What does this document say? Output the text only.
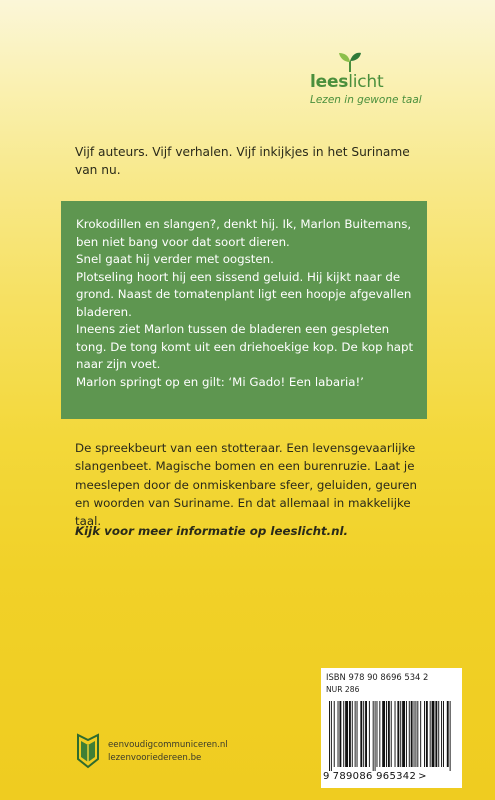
leeslicht
Lezen in gewone taal

Vijf auteurs. Vijf verhalen. Vijf inkijkjes in het Suriname van nu.

Krokodillen en slangen?, denkt hij. Ik, Marlon Buitemans, ben niet bang voor dat soort dieren.

Snel gaat hij verder met oogsten.

Plotseling hoort hij een sissend geluid. Hij kijkt naar de grond. Naast de tomatenplant ligt een hoopje afgevallen bladeren.

Ineens ziet Marlon tussen de bladeren een gespleten tong. De tong komt uit een driehoekige kop. De kop hapt naar zijn voet.

Marlon springt op en gilt: ‘Mi Gado! Een labaria!’

De spreekbeurt van een stotteraar. Een levensgevaarlijke slangenbeet. Magische bomen en een burenruzie. Laat je meeslepen door de onmiskenbare sfeer, geluiden, geuren en woorden van Suriname. En dat allemaal in makkelijke taal.

Kijk voor meer informatie op leeslicht.nl.

eenvoudigcommuniceren.nl
lezenvooriedereen.be
ISBN 978 90 8696 534 2
NUR 286
9 789086 965342 >
